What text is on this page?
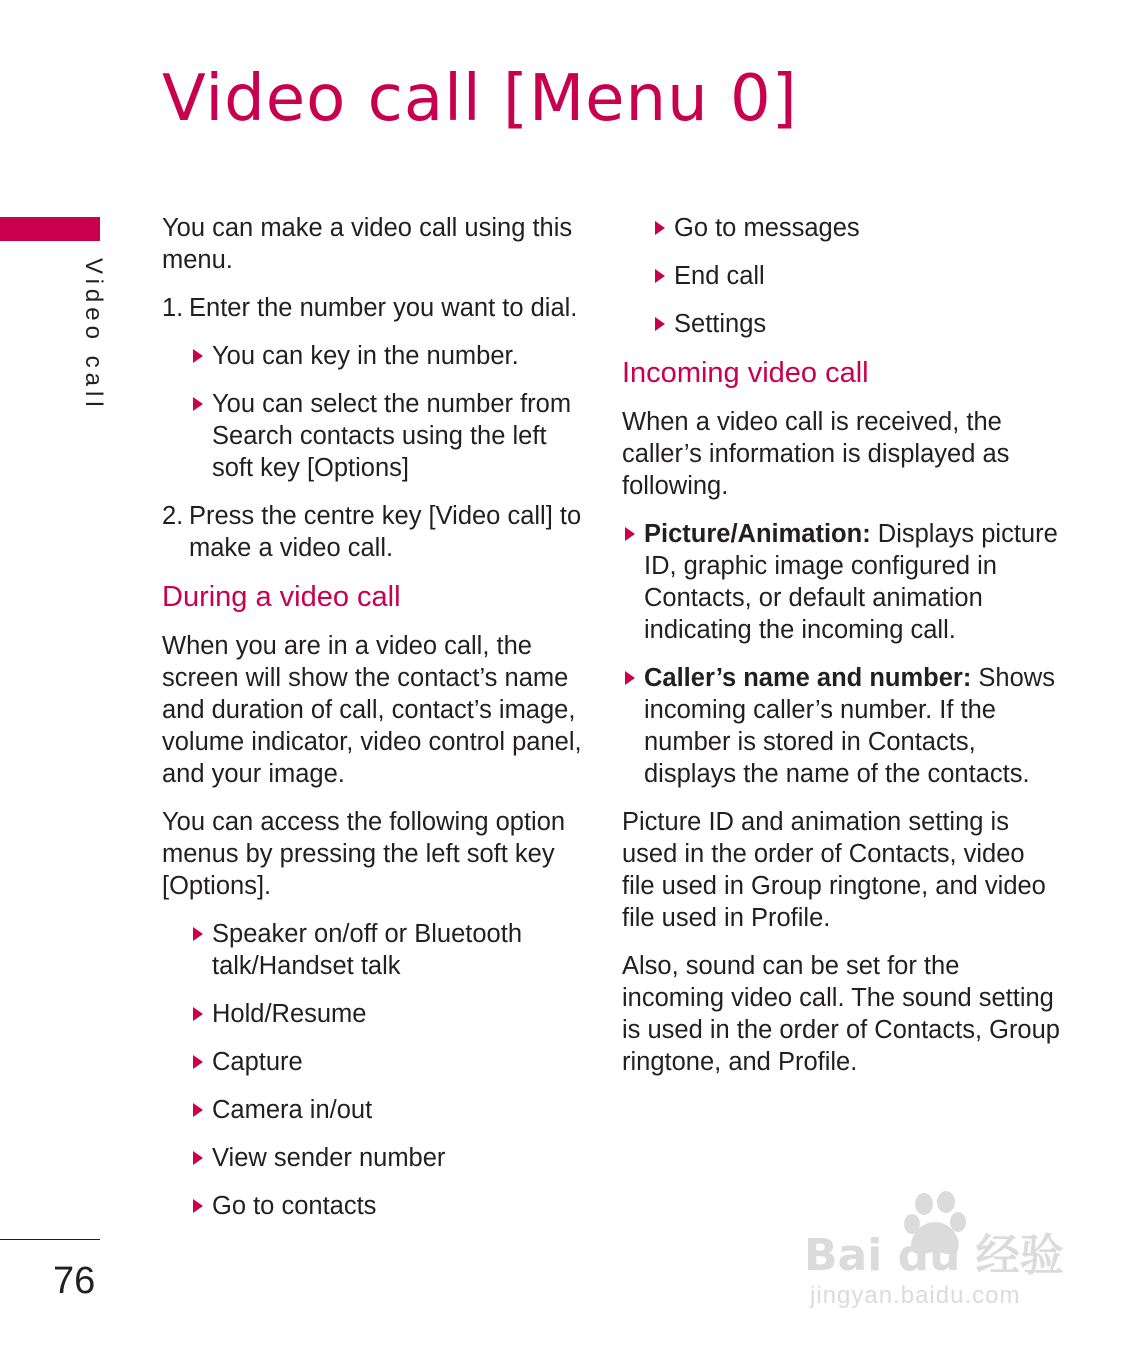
Video call [Menu 0]
Video call

You can make a video call using this menu.

1. Enter the number you want to dial.
You can key in the number.
You can select the number from Search contacts using the left soft key [Options]
2. Press the centre key [Video call] to make a video call.
During a video call

When you are in a video call, the screen will show the contact’s name and duration of call, contact’s image, volume indicator, video control panel, and your image.

You can access the following option menus by pressing the left soft key [Options].

Speaker on/off or Bluetooth talk/Handset talk
Hold/Resume
Capture
Camera in/out
View sender number
Go to contacts
Go to messages
End call
Settings
Incoming video call

When a video call is received, the caller’s information is displayed as following.

Picture/Animation: Displays picture ID, graphic image configured in Contacts, or default animation indicating the incoming call.
Caller’s name and number: Shows incoming caller’s number. If the number is stored in Contacts, displays the name of the contacts.

Picture ID and animation setting is used in the order of Contacts, video file used in Group ringtone, and video file used in Profile.

Also, sound can be set for the incoming video call. The sound setting is used in the order of Contacts, Group ringtone, and Profile.

76	Bai du 经验
jingyan.baidu.com
